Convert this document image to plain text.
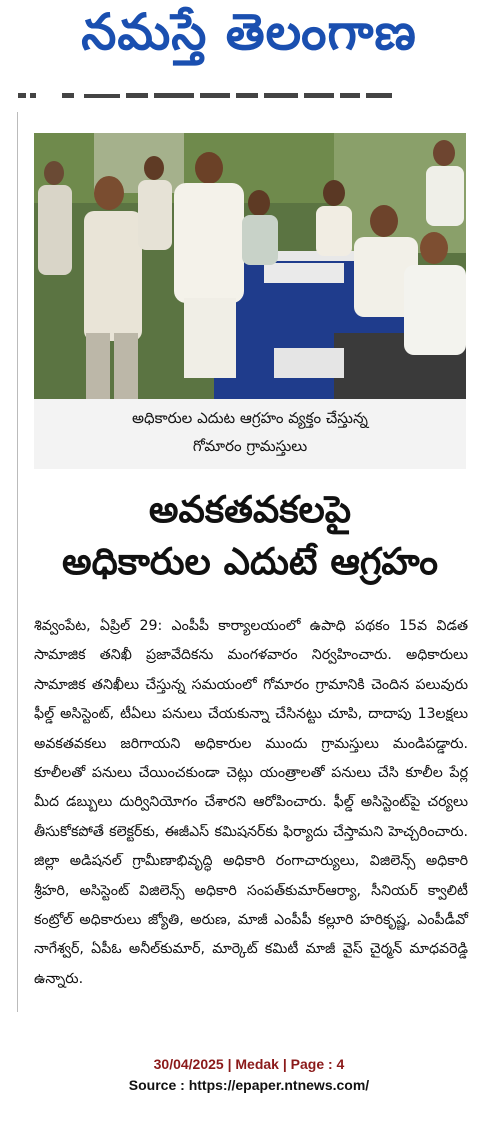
నమస్తే తెలంగాణ
అధికారుల ఎదుట ఆగ్రహం వ్యక్తం చేస్తున్న
గోమారం గ్రామస్తులు
అవకతవకలపై
అధికారుల ఎదుటే ఆగ్రహం
శివ్వంపేట, ఏప్రిల్ 29: ఎంపీపీ కార్యాలయంలో ఉపాధి పథకం 15వ విడత సామాజిక తనిఖీ ప్రజావేదికను మంగళవారం నిర్వహించారు. అధికారులు సామాజిక తనిఖీలు చేస్తున్న సమయంలో గోమారం గ్రామానికి చెందిన పలువురు ఫీల్డ్ అసిస్టెంట్, టీఏలు పనులు చేయకున్నా చేసినట్టు చూపి, దాదాపు 13లక్షలు అవకతవకలు జరిగాయని అధికారుల ముందు గ్రామస్తులు మండిపడ్డారు. కూలీలతో పనులు చేయించకుండా చెట్లు యంత్రాలతో పనులు చేసి కూలీల పేర్ల మీద డబ్బులు దుర్వినియోగం చేశారని ఆరోపించారు. ఫీల్డ్ అసిస్టెంట్‌పై చర్యలు తీసుకోకపోతే కలెక్టర్‌కు, ఈజీఎస్ కమిషనర్‌కు ఫిర్యాదు చేస్తామని హెచ్చరించారు. జిల్లా అడిషనల్ గ్రామీణాభివృద్ధి అధికారి రంగాచార్యులు, విజిలెన్స్ అధికారి శ్రీహరి, అసిస్టెంట్ విజిలెన్స్ అధికారి సంపత్‌కుమార్‌ఆర్యా, సీనియర్ క్వాలిటీ కంట్రోల్ అధికారులు జ్యోతి, అరుణ, మాజీ ఎంపీపీ కల్లూరి హరికృష్ణ, ఎంపీడీవో నాగేశ్వర్, ఏపీఓ అనీల్‌కుమార్, మార్కెట్ కమిటీ మాజీ వైస్ చైర్మన్ మాధవరెడ్డి ఉన్నారు.
30/04/2025 | Medak | Page : 4
Source : https://epaper.ntnews.com/
